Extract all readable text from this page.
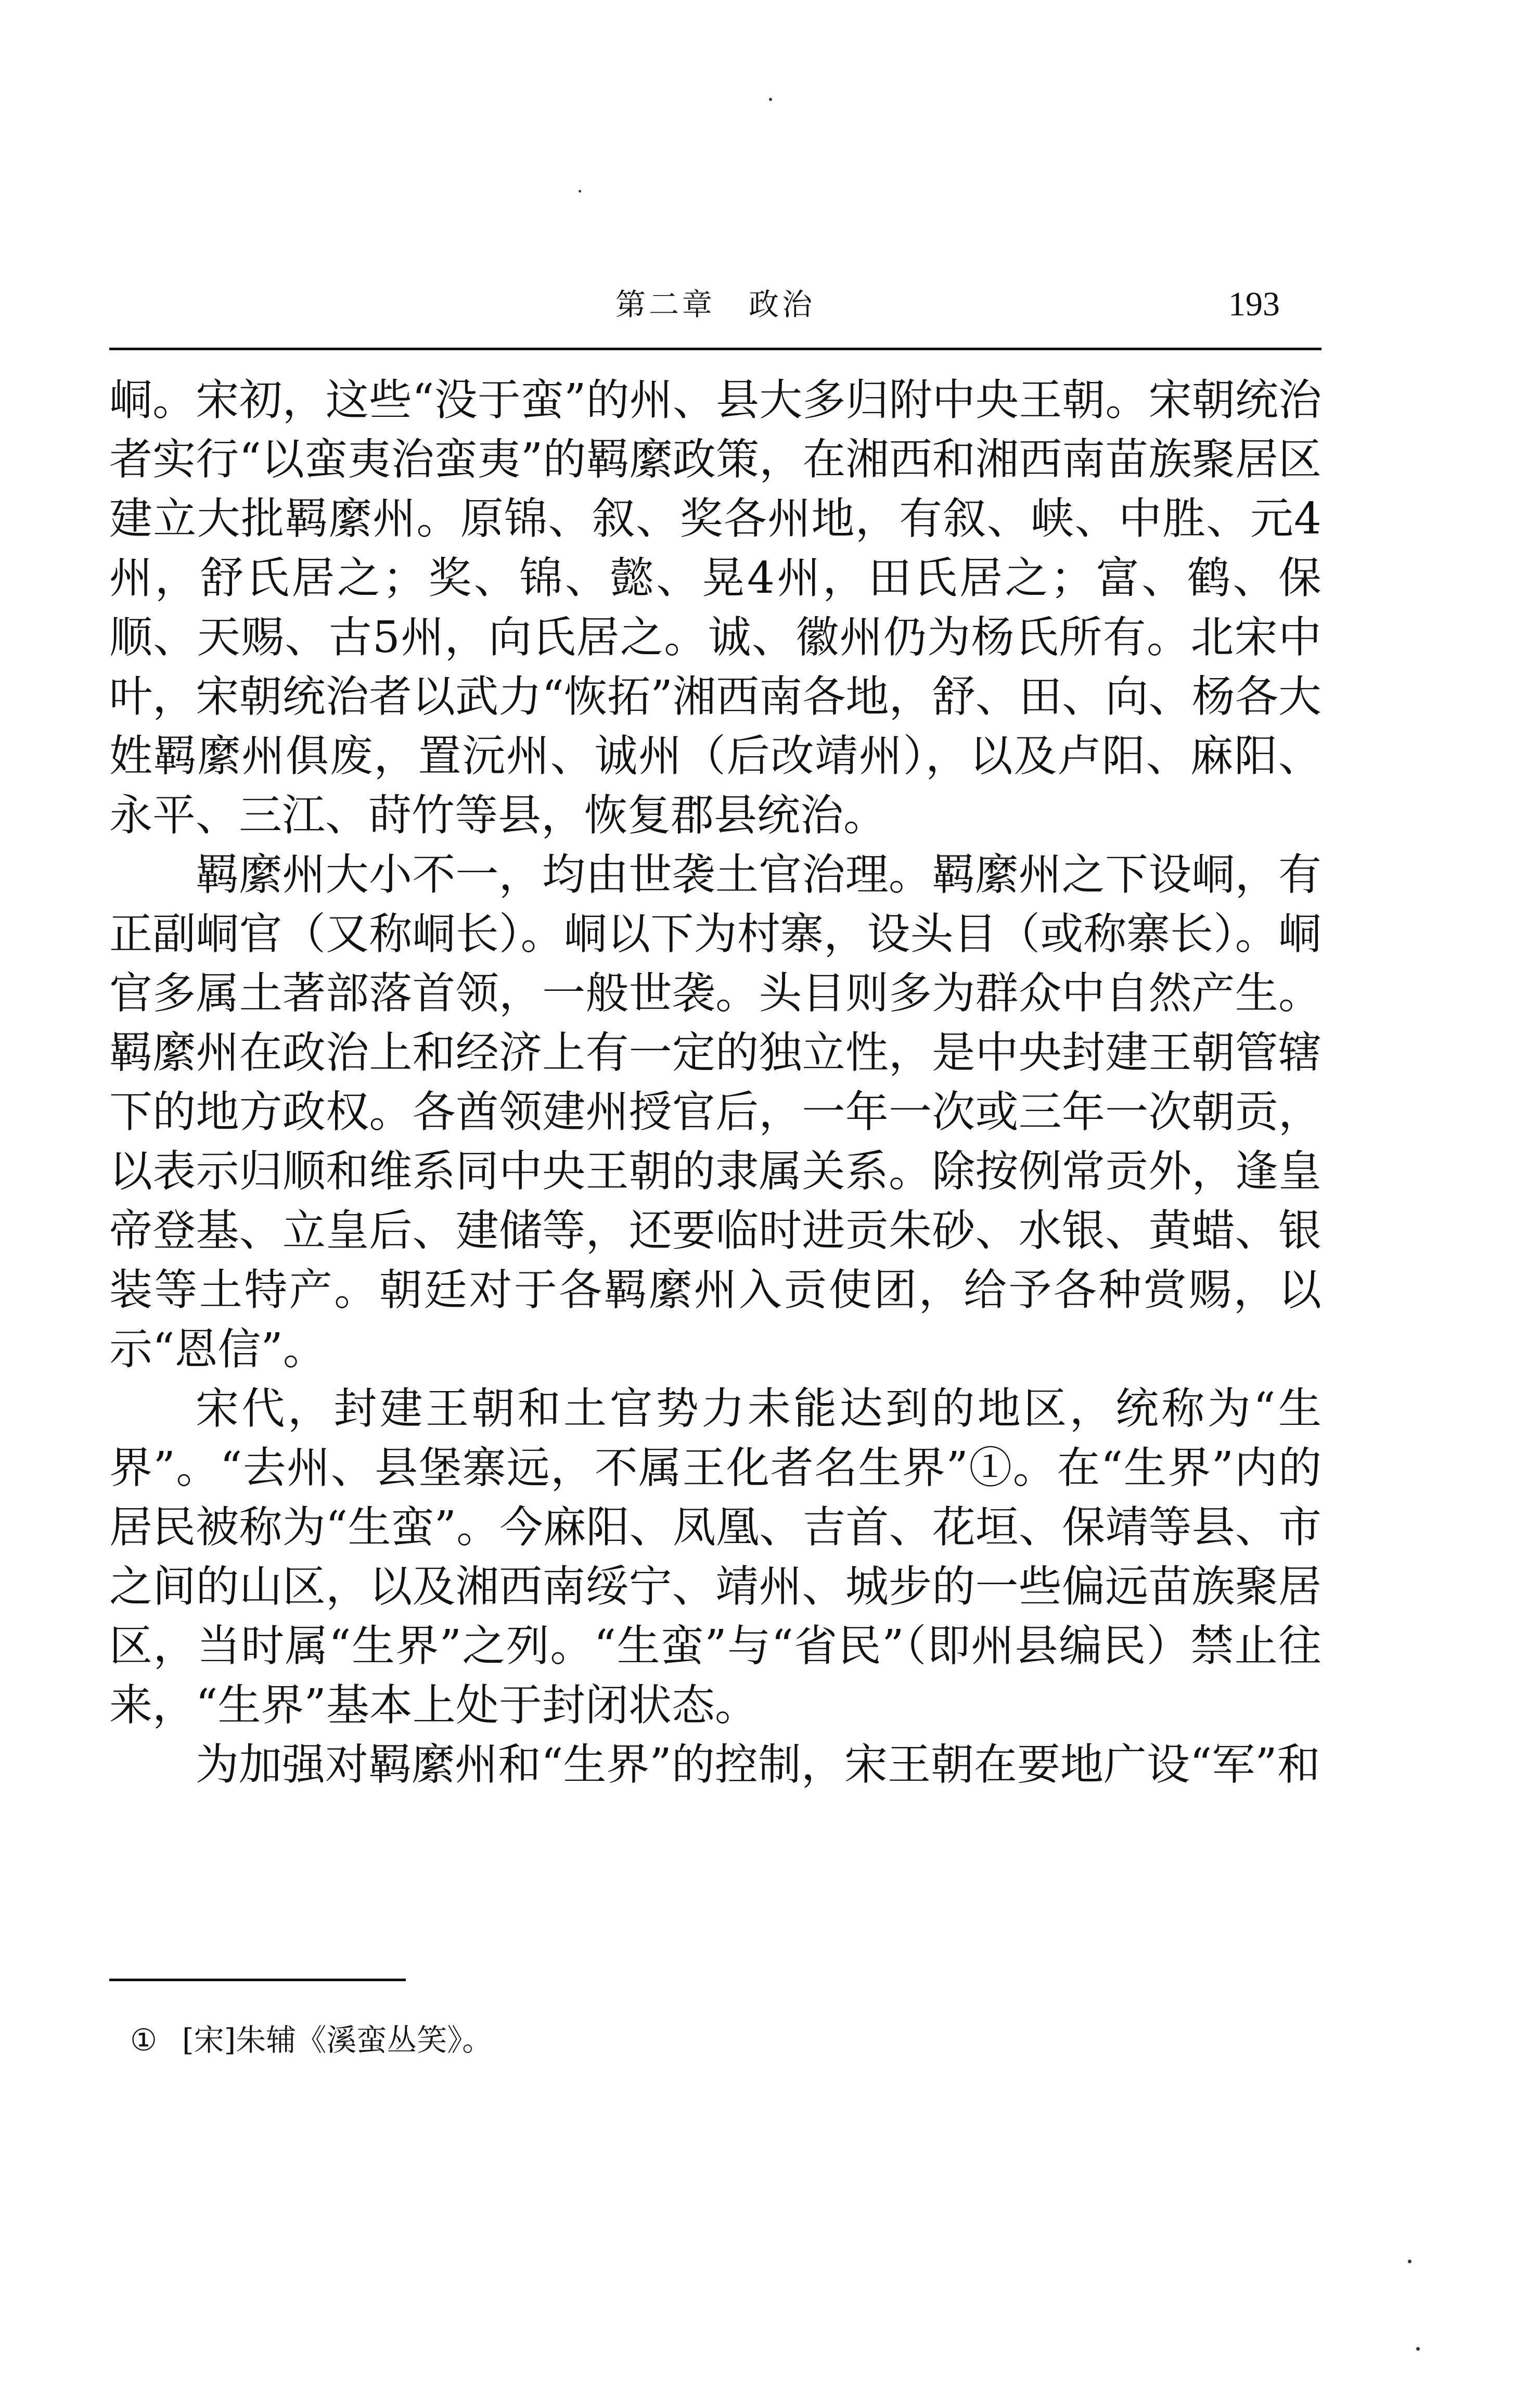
第二章　政治	193

峒。宋初，这些“没于蛮”的州、县大多归附中央王朝。宋朝统治者实行“以蛮夷治蛮夷”的羁縻政策，在湘西和湘西南苗族聚居区建立大批羁縻州。原锦、叙、奖各州地，有叙、峡、中胜、元4州，舒氏居之；奖、锦、懿、晃4州，田氏居之；富、鹤、保顺、天赐、古5州，向氏居之。诚、徽州仍为杨氏所有。北宋中叶，宋朝统治者以武力“恢拓”湘西南各地，舒、田、向、杨各大姓羁縻州俱废，置沅州、诚州（后改靖州），以及卢阳、麻阳、永平、三江、莳竹等县，恢复郡县统治。

羁縻州大小不一，均由世袭土官治理。羁縻州之下设峒，有正副峒官（又称峒长）。峒以下为村寨，设头目（或称寨长）。峒官多属土著部落首领，一般世袭。头目则多为群众中自然产生。羁縻州在政治上和经济上有一定的独立性，是中央封建王朝管辖下的地方政权。各酋领建州授官后，一年一次或三年一次朝贡，以表示归顺和维系同中央王朝的隶属关系。除按例常贡外，逢皇帝登基、立皇后、建储等，还要临时进贡朱砂、水银、黄蜡、银装等土特产。朝廷对于各羁縻州入贡使团，给予各种赏赐，以示“恩信”。

宋代，封建王朝和土官势力未能达到的地区，统称为“生界”。“去州、县堡寨远，不属王化者名生界”①。在“生界”内的居民被称为“生蛮”。今麻阳、凤凰、吉首、花垣、保靖等县、市之间的山区，以及湘西南绥宁、靖州、城步的一些偏远苗族聚居区，当时属“生界”之列。“生蛮”与“省民”（即州县编民）禁止往来，“生界”基本上处于封闭状态。

为加强对羁縻州和“生界”的控制，宋王朝在要地广设“军”和

① [宋]朱辅《溪蛮丛笑》。
